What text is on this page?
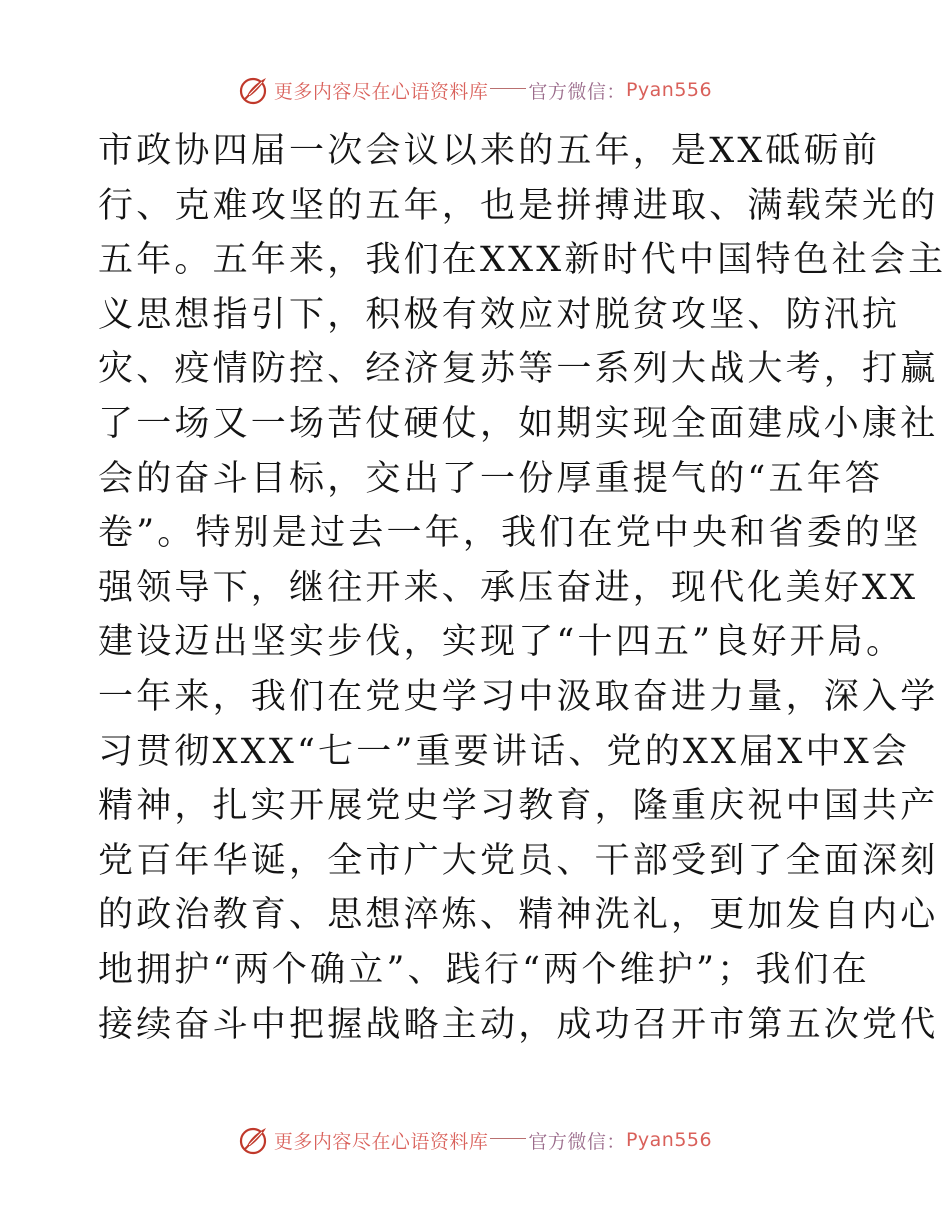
更多内容尽在心语资料库 官方微信： Pyan556
市政协四届一次会议以来的五年，是XX砥砺前
行、克难攻坚的五年，也是拼搏进取、满载荣光的
五年。五年来，我们在XXX新时代中国特色社会主
义思想指引下，积极有效应对脱贫攻坚、防汛抗
灾、疫情防控、经济复苏等一系列大战大考，打赢
了一场又一场苦仗硬仗，如期实现全面建成小康社
会的奋斗目标，交出了一份厚重提气的“五年答
卷”。特别是过去一年，我们在党中央和省委的坚
强领导下，继往开来、承压奋进，现代化美好XX
建设迈出坚实步伐，实现了“十四五”良好开局。
一年来，我们在党史学习中汲取奋进力量，深入学
习贯彻XXX“七一”重要讲话、党的XX届X中X会
精神，扎实开展党史学习教育，隆重庆祝中国共产
党百年华诞，全市广大党员、干部受到了全面深刻
的政治教育、思想淬炼、精神洗礼，更加发自内心
地拥护“两个确立”、践行“两个维护”；我们在
接续奋斗中把握战略主动，成功召开市第五次党代
更多内容尽在心语资料库 官方微信： Pyan556
